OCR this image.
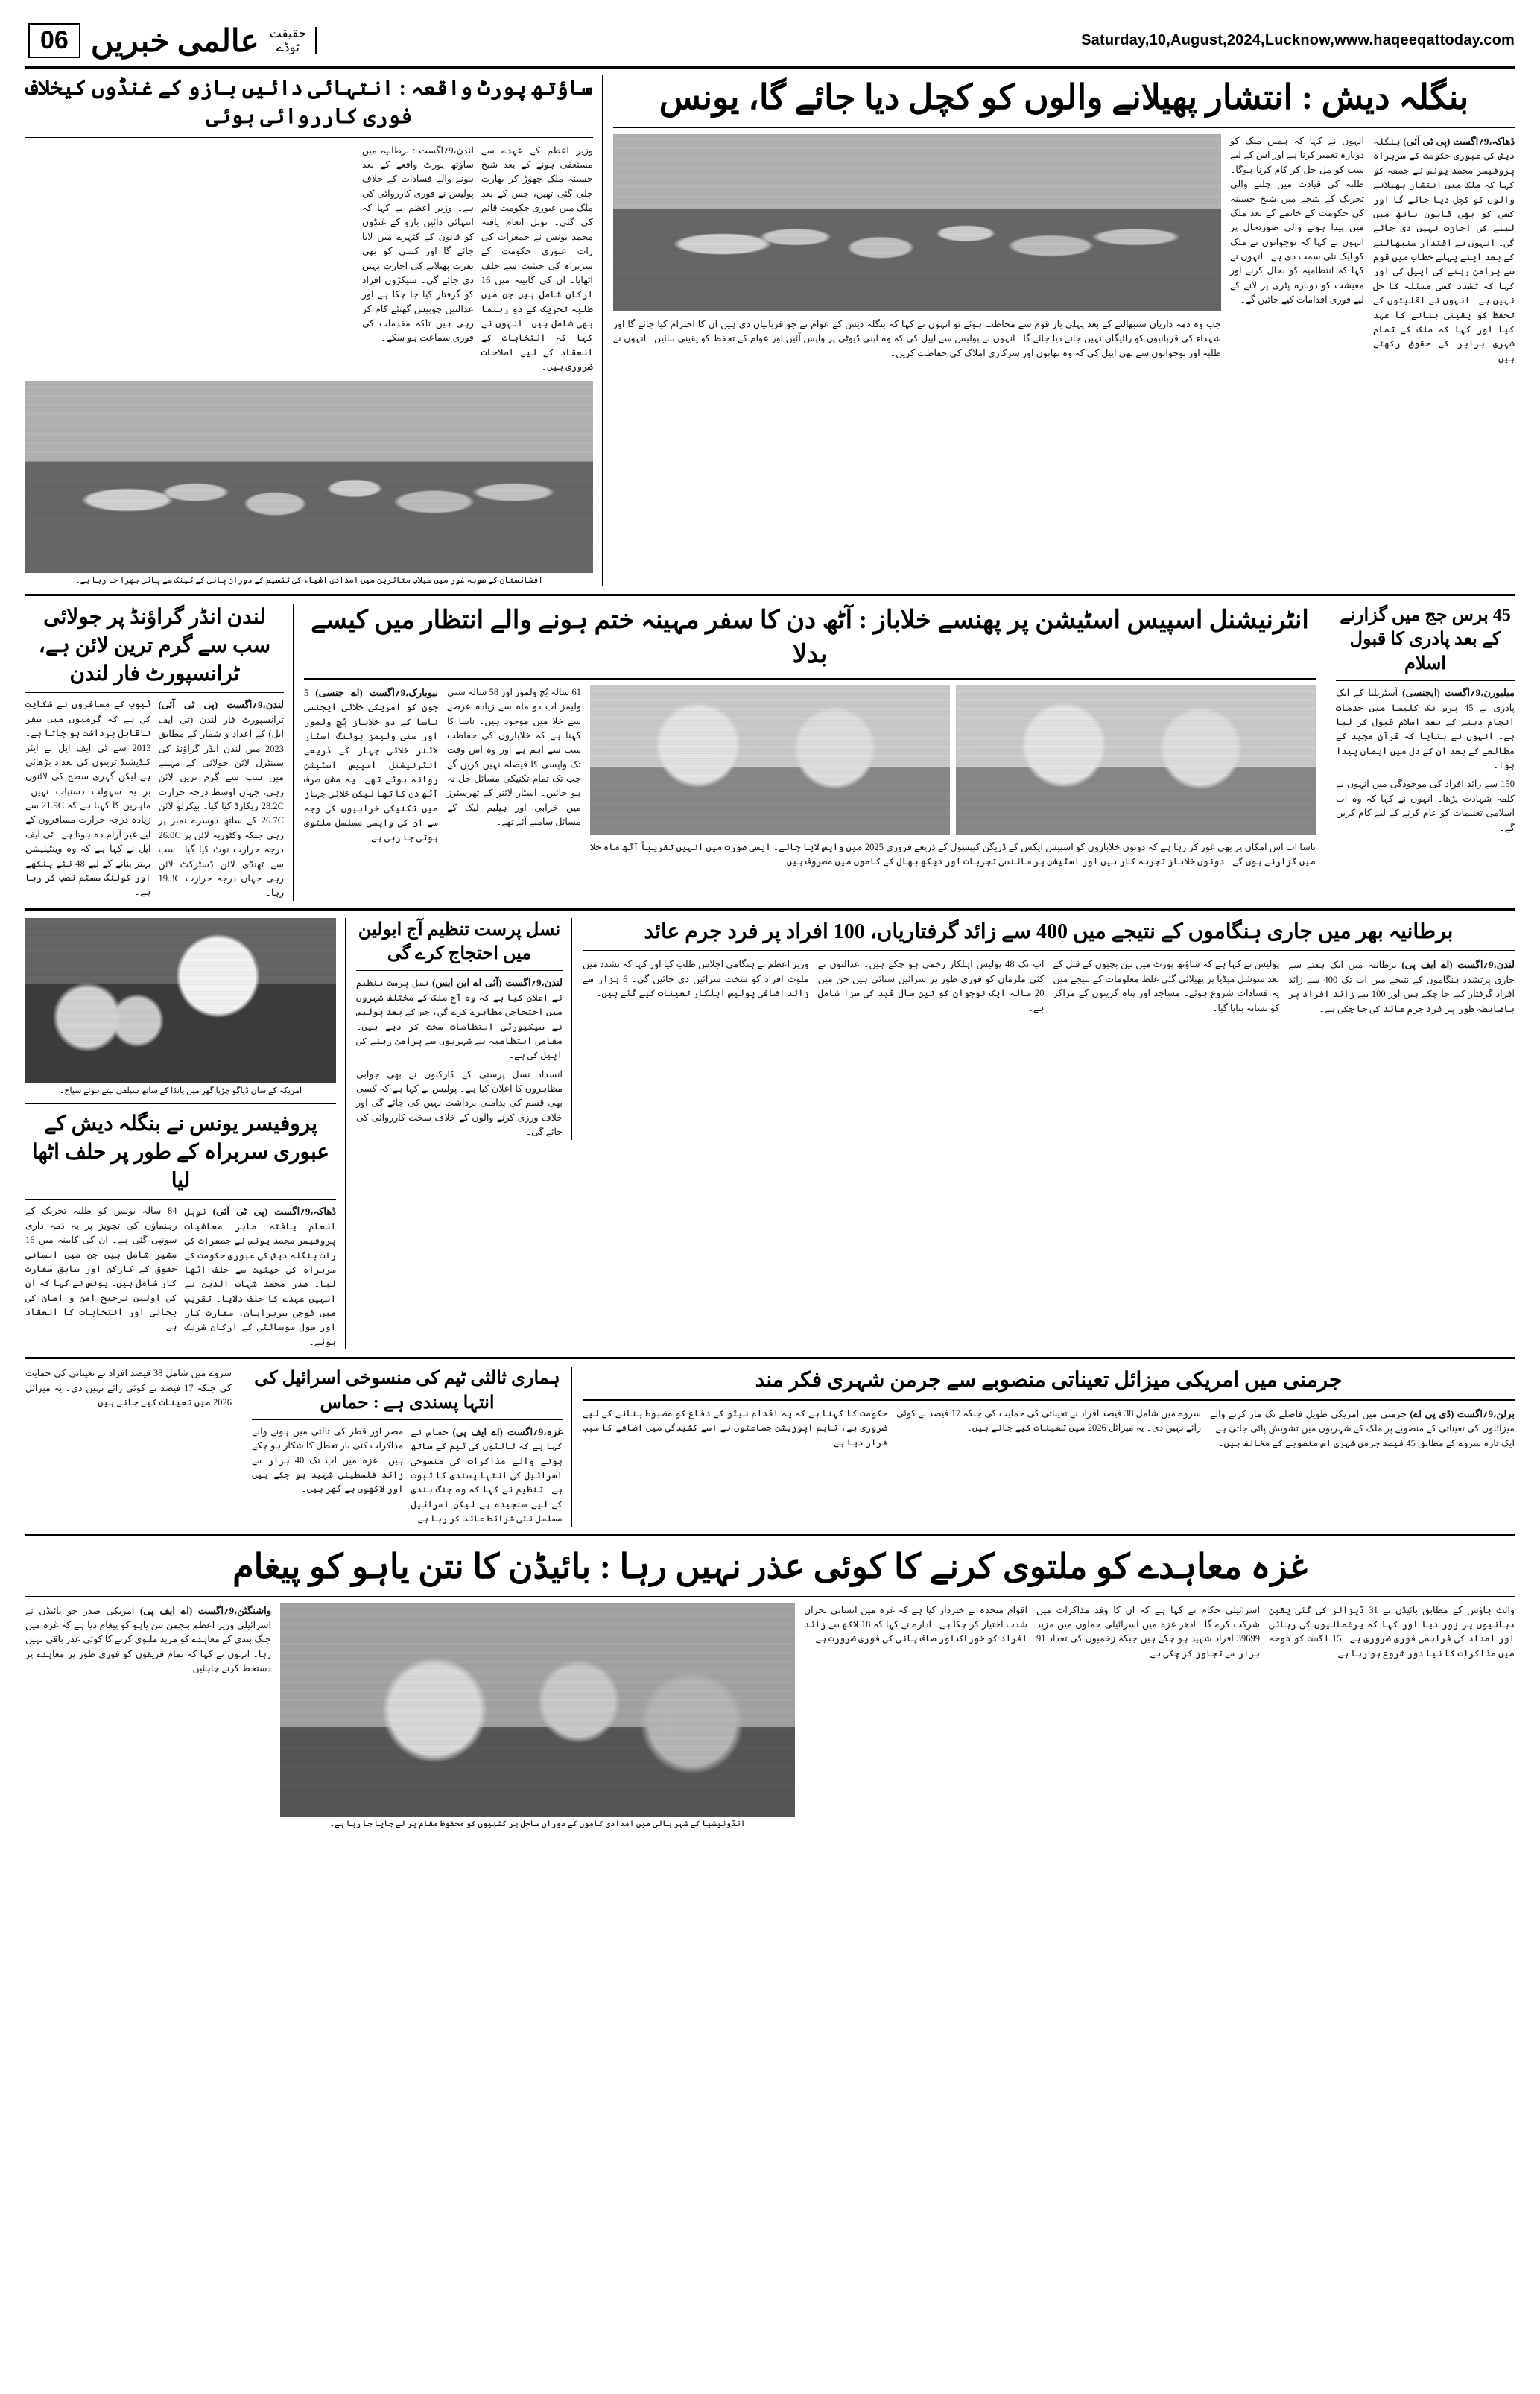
Saturday,10,August,2024,Lucknow,www.haqeeqattoday.com
حقیقت
ٹوڈے
عالمی خبریں
06
بنگلہ دیش : انتشار پھیلانے والوں کو کچل دیا جائے گا، یونس
ڈھاکہ،9؍اگست (پی ٹی آئی) بنگلہ دیش کی عبوری حکومت کے سربراہ پروفیسر محمد یونس نے جمعہ کو کہا کہ ملک میں انتشار پھیلانے والوں کو کچل دیا جائے گا اور کسی کو بھی قانون ہاتھ میں لینے کی اجازت نہیں دی جائے گی۔ انہوں نے اقتدار سنبھالنے کے بعد اپنے پہلے خطاب میں قوم سے پرامن رہنے کی اپیل کی اور کہا کہ تشدد کسی مسئلہ کا حل نہیں ہے۔ انہوں نے اقلیتوں کے تحفظ کو یقینی بنانے کا عہد کیا اور کہا کہ ملک کے تمام شہری برابر کے حقوق رکھتے ہیں۔
انہوں نے کہا کہ ہمیں ملک کو دوبارہ تعمیر کرنا ہے اور اس کے لیے سب کو مل جل کر کام کرنا ہوگا۔ طلبہ کی قیادت میں چلنے والی تحریک کے نتیجے میں شیخ حسینہ کی حکومت کے خاتمے کے بعد ملک میں پیدا ہونے والی صورتحال پر انہوں نے کہا کہ نوجوانوں نے ملک کو ایک نئی سمت دی ہے۔ انہوں نے کہا کہ انتظامیہ کو بحال کرنے اور معیشت کو دوبارہ پٹری پر لانے کے لیے فوری اقدامات کیے جائیں گے۔
جب وہ ذمہ داریاں سنبھالنے کے بعد پہلی بار قوم سے مخاطب ہوئے تو انہوں نے کہا کہ بنگلہ دیش کے عوام نے جو قربانیاں دی ہیں ان کا احترام کیا جائے گا اور شہداء کی قربانیوں کو رائیگاں نہیں جانے دیا جائے گا۔ انہوں نے پولیس سے اپیل کی کہ وہ اپنی ڈیوٹی پر واپس آئیں اور عوام کے تحفظ کو یقینی بنائیں۔ انہوں نے طلبہ اور نوجوانوں سے بھی اپیل کی کہ وہ تھانوں اور سرکاری املاک کی حفاظت کریں۔
ساؤتھ پورٹ واقعہ : انتہائی دائیں بازو کے غنڈوں کیخلاف فوری کارروائی ہوئی
وزیر اعظم کے عہدے سے مستعفی ہونے کے بعد شیخ حسینہ ملک چھوڑ کر بھارت چلی گئی تھیں، جس کے بعد ملک میں عبوری حکومت قائم کی گئی۔ نوبل انعام یافتہ محمد یونس نے جمعرات کی رات عبوری حکومت کے سربراہ کی حیثیت سے حلف اٹھایا۔ ان کی کابینہ میں 16 ارکان شامل ہیں جن میں طلبہ تحریک کے دو رہنما بھی شامل ہیں۔ انہوں نے کہا کہ انتخابات کے انعقاد کے لیے اصلاحات ضروری ہیں۔
لندن،9؍اگست : برطانیہ میں ساؤتھ پورٹ واقعے کے بعد ہونے والے فسادات کے خلاف پولیس نے فوری کارروائی کی ہے۔ وزیر اعظم نے کہا کہ انتہائی دائیں بازو کے غنڈوں کو قانون کے کٹہرے میں لایا جائے گا اور کسی کو بھی نفرت پھیلانے کی اجازت نہیں دی جائے گی۔ سیکڑوں افراد کو گرفتار کیا جا چکا ہے اور عدالتیں چوبیس گھنٹے کام کر رہی ہیں تاکہ مقدمات کی فوری سماعت ہو سکے۔
افغانستان کے صوبہ غور میں سیلاب متاثرین میں امدادی اشیاء کی تقسیم کے دوران پانی کے ٹینک سے پانی بھرا جا رہا ہے۔
45 برس جج میں گزارنے کے بعد پادری کا قبول اسلام
میلبورن،9؍اگست (ایجنسی) آسٹریلیا کے ایک پادری نے 45 برس تک کلیسا میں خدمات انجام دینے کے بعد اسلام قبول کر لیا ہے۔ انہوں نے بتایا کہ قرآن مجید کے مطالعے کے بعد ان کے دل میں ایمان پیدا ہوا۔
150 سے زائد افراد کی موجودگی میں انہوں نے کلمہ شہادت پڑھا۔ انہوں نے کہا کہ وہ اب اسلامی تعلیمات کو عام کرنے کے لیے کام کریں گے۔
انٹرنیشنل اسپیس اسٹیشن پر پھنسے خلاباز : آٹھ دن کا سفر مہینہ ختم ہونے والے انتظار میں کیسے بدلا
ناسا اب اس امکان پر بھی غور کر رہا ہے کہ دونوں خلابازوں کو اسپیس ایکس کے ڈریگن کیپسول کے ذریعے فروری 2025 میں واپس لایا جائے۔ ایسی صورت میں انہیں تقریباً آٹھ ماہ خلا میں گزارنے ہوں گے۔ دونوں خلاباز تجربہ کار ہیں اور اسٹیشن پر سائنسی تجربات اور دیکھ بھال کے کاموں میں مصروف ہیں۔
61 سالہ بُچ ولمور اور 58 سالہ سنی ولیمز اب دو ماہ سے زیادہ عرصے سے خلا میں موجود ہیں۔ ناسا کا کہنا ہے کہ خلابازوں کی حفاظت سب سے اہم ہے اور وہ اس وقت تک واپسی کا فیصلہ نہیں کریں گے جب تک تمام تکنیکی مسائل حل نہ ہو جائیں۔ اسٹار لائنر کے تھرسٹرز میں خرابی اور ہیلیم لیک کے مسائل سامنے آئے تھے۔
نیویارک،9؍اگست (اے جنسی) 5 جون کو امریکی خلائی ایجنسی ناسا کے دو خلاباز بُچ ولمور اور سنی ولیمز بوئنگ اسٹار لائنر خلائی جہاز کے ذریعے انٹرنیشنل اسپیس اسٹیشن روانہ ہوئے تھے۔ یہ مشن صرف آٹھ دن کا تھا لیکن خلائی جہاز میں تکنیکی خرابیوں کی وجہ سے ان کی واپسی مسلسل ملتوی ہوتی جا رہی ہے۔
لندن انڈر گراؤنڈ پر جولائی سب سے گرم ترین لائن ہے، ٹرانسپورٹ فار لندن
لندن،9؍اگست (پی ٹی آئی) ٹرانسپورٹ فار لندن (ٹی ایف ایل) کے اعداد و شمار کے مطابق 2023 میں لندن انڈر گراؤنڈ کی سینٹرل لائن جولائی کے مہینے میں سب سے گرم ترین لائن رہی، جہاں اوسط درجہ حرارت 28.2C ریکارڈ کیا گیا۔ بیکرلو لائن 26.7C کے ساتھ دوسرے نمبر پر رہی جبکہ وکٹوریہ لائن پر 26.0C درجہ حرارت نوٹ کیا گیا۔ سب سے ٹھنڈی لائن ڈسٹرکٹ لائن رہی جہاں درجہ حرارت 19.3C رہا۔
ٹیوب کے مسافروں نے شکایت کی ہے کہ گرمیوں میں سفر ناقابل برداشت ہو جاتا ہے۔ 2013 سے ٹی ایف ایل نے ایئر کنڈیشنڈ ٹرینوں کی تعداد بڑھائی ہے لیکن گہری سطح کی لائنوں پر یہ سہولت دستیاب نہیں۔ ماہرین کا کہنا ہے کہ 21.9C سے زیادہ درجہ حرارت مسافروں کے لیے غیر آرام دہ ہوتا ہے۔ ٹی ایف ایل نے کہا ہے کہ وہ وینٹیلیشن بہتر بنانے کے لیے 48 نئے پنکھے اور کولنگ سسٹم نصب کر رہا ہے۔
برطانیہ بھر میں جاری ہنگاموں کے نتیجے میں 400 سے زائد گرفتاریاں، 100 افراد پر فرد جرم عائد
لندن،9؍اگست (اے ایف پی) برطانیہ میں ایک ہفتے سے جاری پرتشدد ہنگاموں کے نتیجے میں اب تک 400 سے زائد افراد گرفتار کیے جا چکے ہیں اور 100 سے زائد افراد پر باضابطہ طور پر فرد جرم عائد کی جا چکی ہے۔
پولیس نے کہا ہے کہ ساؤتھ پورٹ میں تین بچیوں کے قتل کے بعد سوشل میڈیا پر پھیلائی گئی غلط معلومات کے نتیجے میں یہ فسادات شروع ہوئے۔ مساجد اور پناہ گزینوں کے مراکز کو نشانہ بنایا گیا۔
اب تک 48 پولیس اہلکار زخمی ہو چکے ہیں۔ عدالتوں نے کئی ملزمان کو فوری طور پر سزائیں سنائی ہیں جن میں 20 سالہ ایک نوجوان کو تین سال قید کی سزا شامل ہے۔
وزیر اعظم نے ہنگامی اجلاس طلب کیا اور کہا کہ تشدد میں ملوث افراد کو سخت سزائیں دی جائیں گی۔ 6 ہزار سے زائد اضافی پولیس اہلکار تعینات کیے گئے ہیں۔
نسل پرست تنظیم آج ابولین میں احتجاج کرے گی
لندن،9؍اگست (آئی اے این ایس) نسل پرست تنظیم نے اعلان کیا ہے کہ وہ آج ملک کے مختلف شہروں میں احتجاجی مظاہرے کرے گی، جس کے بعد پولیس نے سیکیورٹی انتظامات سخت کر دیے ہیں۔ مقامی انتظامیہ نے شہریوں سے پرامن رہنے کی اپیل کی ہے۔
انسداد نسل پرستی کے کارکنوں نے بھی جوابی مظاہروں کا اعلان کیا ہے۔ پولیس نے کہا ہے کہ کسی بھی قسم کی بدامنی برداشت نہیں کی جائے گی اور خلاف ورزی کرنے والوں کے خلاف سخت کارروائی کی جائے گی۔
امریکہ کے سان ڈیاگو چڑیا گھر میں پانڈا کے ساتھ سیلفی لیتے ہوئے سیاح۔
پروفیسر یونس نے بنگلہ دیش کے عبوری سربراہ کے طور پر حلف اٹھا لیا
ڈھاکہ،9؍اگست (پی ٹی آئی) نوبل انعام یافتہ ماہر معاشیات پروفیسر محمد یونس نے جمعرات کی رات بنگلہ دیش کی عبوری حکومت کے سربراہ کی حیثیت سے حلف اٹھا لیا۔ صدر محمد شہاب الدین نے انہیں عہدے کا حلف دلایا۔ تقریب میں فوجی سربراہان، سفارت کار اور سول سوسائٹی کے ارکان شریک ہوئے۔
84 سالہ یونس کو طلبہ تحریک کے رہنماؤں کی تجویز پر یہ ذمہ داری سونپی گئی ہے۔ ان کی کابینہ میں 16 مشیر شامل ہیں جن میں انسانی حقوق کے کارکن اور سابق سفارت کار شامل ہیں۔ یونس نے کہا کہ ان کی اولین ترجیح امن و امان کی بحالی اور انتخابات کا انعقاد ہے۔
جرمنی میں امریکی میزائل تعیناتی منصوبے سے جرمن شہری فکر مند
برلن،9؍اگست (ڈی پی اے) جرمنی میں امریکی طویل فاصلے تک مار کرنے والے میزائلوں کی تعیناتی کے منصوبے پر ملک کے شہریوں میں تشویش پائی جاتی ہے۔ ایک تازہ سروے کے مطابق 45 فیصد جرمن شہری اس منصوبے کے مخالف ہیں۔
سروے میں شامل 38 فیصد افراد نے تعیناتی کی حمایت کی جبکہ 17 فیصد نے کوئی رائے نہیں دی۔ یہ میزائل 2026 میں تعینات کیے جانے ہیں۔
حکومت کا کہنا ہے کہ یہ اقدام نیٹو کے دفاع کو مضبوط بنانے کے لیے ضروری ہے، تاہم اپوزیشن جماعتوں نے اسے کشیدگی میں اضافے کا سبب قرار دیا ہے۔
ہماری ثالثی ٹیم کی منسوخی اسرائیل کی انتہا پسندی ہے : حماس
غزہ،9؍اگست (اے ایف پی) حماس نے کہا ہے کہ ثالثوں کی ٹیم کے ساتھ ہونے والے مذاکرات کی منسوخی اسرائیل کی انتہا پسندی کا ثبوت ہے۔ تنظیم نے کہا کہ وہ جنگ بندی کے لیے سنجیدہ ہے لیکن اسرائیل مسلسل نئی شرائط عائد کر رہا ہے۔
مصر اور قطر کی ثالثی میں ہونے والے مذاکرات کئی بار تعطل کا شکار ہو چکے ہیں۔ غزہ میں اب تک 40 ہزار سے زائد فلسطینی شہید ہو چکے ہیں اور لاکھوں بے گھر ہیں۔
سروے میں شامل 38 فیصد افراد نے تعیناتی کی حمایت کی جبکہ 17 فیصد نے کوئی رائے نہیں دی۔ یہ میزائل 2026 میں تعینات کیے جانے ہیں۔
غزہ معاہدے کو ملتوی کرنے کا کوئی عذر نہیں رہا : بائیڈن کا نتن یاہو کو پیغام
وائٹ ہاؤس کے مطابق بائیڈن نے 31 ڈیزائر کی گئی یقین دہانیوں پر زور دیا اور کہا کہ یرغمالیوں کی رہائی اور امداد کی فراہمی فوری ضروری ہے۔ 15 اگست کو دوحہ میں مذاکرات کا نیا دور شروع ہو رہا ہے۔
اسرائیلی حکام نے کہا ہے کہ ان کا وفد مذاکرات میں شرکت کرے گا۔ ادھر غزہ میں اسرائیلی حملوں میں مزید 39699 افراد شہید ہو چکے ہیں جبکہ زخمیوں کی تعداد 91 ہزار سے تجاوز کر چکی ہے۔
اقوام متحدہ نے خبردار کیا ہے کہ غزہ میں انسانی بحران شدت اختیار کر چکا ہے۔ ادارے نے کہا کہ 18 لاکھ سے زائد افراد کو خوراک اور صاف پانی کی فوری ضرورت ہے۔
انڈونیشیا کے شہر بالی میں امدادی کاموں کے دوران ساحل پر کشتیوں کو محفوظ مقام پر لے جایا جا رہا ہے۔
واشنگٹن،9؍اگست (اے ایف پی) امریکی صدر جو بائیڈن نے اسرائیلی وزیر اعظم بنجمن نتن یاہو کو پیغام دیا ہے کہ غزہ میں جنگ بندی کے معاہدے کو مزید ملتوی کرنے کا کوئی عذر باقی نہیں رہا۔ انہوں نے کہا کہ تمام فریقوں کو فوری طور پر معاہدے پر دستخط کرنے چاہئیں۔
